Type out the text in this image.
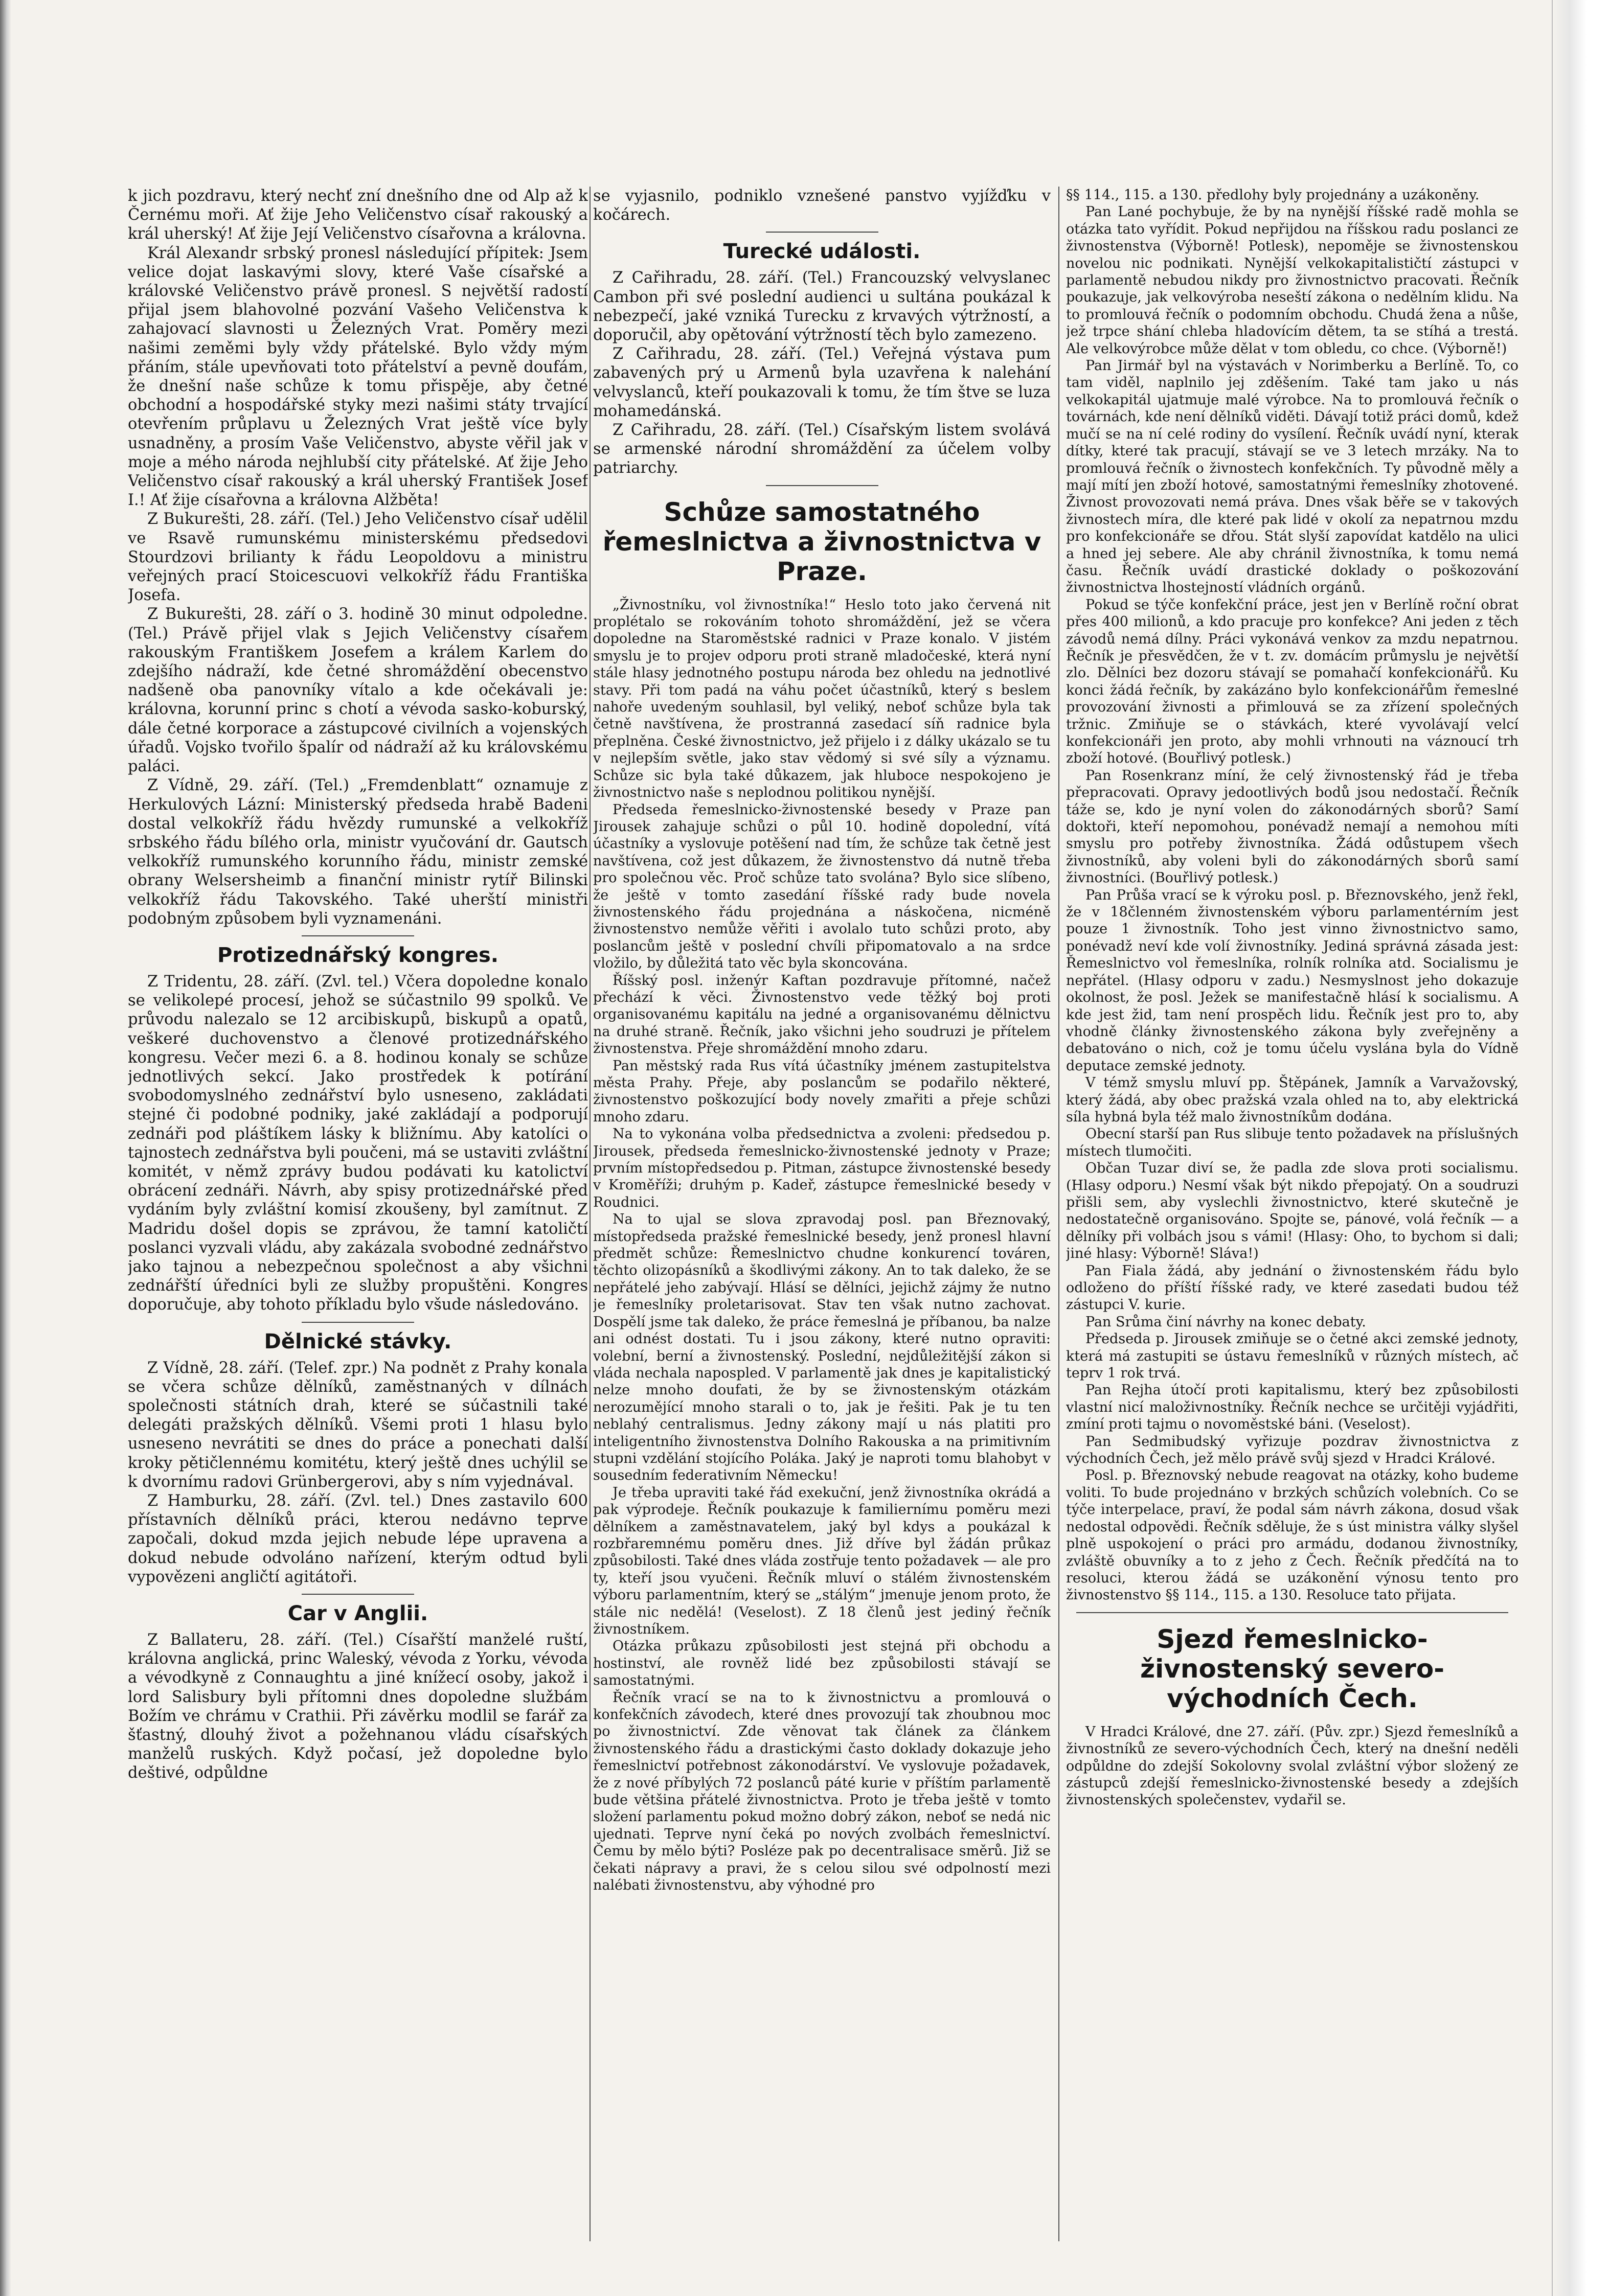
k jich pozdravu, který nechť zní dnešního dne od Alp až k Černému moři. Ať žije Jeho Veličenstvo císař rakouský a král uherský! Ať žije Její Veličenstvo císařovna a královna.

Král Alexandr srbský pronesl následující přípitek: Jsem velice dojat laskavými slovy, které Vaše císařské a královské Veličenstvo právě pronesl. S největší radostí přijal jsem blahovolné pozvání Vašeho Veličenstva k zahajovací slavnosti u Železných Vrat. Poměry mezi našimi zeměmi byly vždy přátelské. Bylo vždy mým přáním, stále upevňovati toto přátelství a pevně doufám, že dnešní naše schůze k tomu přispěje, aby četné obchodní a hospodářské styky mezi našimi státy trvající otevřením průplavu u Železných Vrat ještě více byly usnadněny, a prosím Vaše Veličenstvo, abyste věřil jak v moje a mého národa nejhlubší city přátelské. Ať žije Jeho Veličenstvo císař rakouský a král uherský František Josef I.! Ať žije císařovna a královna Alžběta!

Z Bukurešti, 28. září. (Tel.) Jeho Veličenstvo císař udělil ve Rsavě rumunskému ministerskému předsedovi Stourdzovi brilianty k řádu Leopoldovu a ministru veřejných prací Stoicescuovi velkokříž řádu Františka Josefa.

Z Bukurešti, 28. září o 3. hodině 30 minut odpoledne. (Tel.) Právě přijel vlak s Jejich Veličenstvy císařem rakouským Františkem Josefem a králem Karlem do zdejšího nádraží, kde četné shromáždění obecenstvo nadšeně oba panovníky vítalo a kde očekávali je: královna, korunní princ s chotí a vévoda sasko-koburský, dále četné korporace a zástupcové civilních a vojenských úřadů. Vojsko tvořilo špalír od nádraží až ku královskému paláci.

Z Vídně, 29. září. (Tel.) „Fremdenblatt“ oznamuje z Herkulových Lázní: Ministerský předseda hrabě Badeni dostal velkokříž řádu hvězdy rumunské a velkokříž srbského řádu bílého orla, ministr vyučování dr. Gautsch velkokříž rumunského korunního řádu, ministr zemské obrany Welsersheimb a finanční ministr rytíř Bilinski velkokříž řádu Takovského. Také uherští ministři podobným způsobem byli vyznamenáni.

Protizednářský kongres.

Z Tridentu, 28. září. (Zvl. tel.) Včera dopoledne konalo se velikolepé procesí, jehož se súčastnilo 99 spolků. Ve průvodu nalezalo se 12 arcibiskupů, biskupů a opatů, veškeré duchovenstvo a členové protizednářského kongresu. Večer mezi 6. a 8. hodinou konaly se schůze jednotlivých sekcí. Jako prostředek k potírání svobodomyslného zednářství bylo usneseno, zakládati stejné či podobné podniky, jaké zakládají a podporují zednáři pod pláštíkem lásky k bližnímu. Aby katolíci o tajnostech zednářstva byli poučeni, má se ustaviti zvláštní komitét, v němž zprávy budou podávati ku katolictví obrácení zednáři. Návrh, aby spisy protizednářské před vydáním byly zvláštní komisí zkoušeny, byl zamítnut. Z Madridu došel dopis se zprávou, že tamní katoličtí poslanci vyzvali vládu, aby zakázala svobodné zednářstvo jako tajnou a nebezpečnou společnost a aby všichni zednářští úředníci byli ze služby propuštěni. Kongres doporučuje, aby tohoto příkladu bylo všude následováno.

Dělnické stávky.

Z Vídně, 28. září. (Telef. zpr.) Na podnět z Prahy konala se včera schůze dělníků, zaměstnaných v dílnách společnosti státních drah, které se súčastnili také delegáti pražských dělníků. Všemi proti 1 hlasu bylo usneseno nevrátiti se dnes do práce a ponechati další kroky pětičlennému komitétu, který ještě dnes uchýlil se k dvornímu radovi Grünbergerovi, aby s ním vyjednával.

Z Hamburku, 28. září. (Zvl. tel.) Dnes zastavilo 600 přístavních dělníků práci, kterou nedávno teprve započali, dokud mzda jejich nebude lépe upravena a dokud nebude odvoláno nařízení, kterým odtud byli vypovězeni angličtí agitátoři.

Car v Anglii.

Z Ballateru, 28. září. (Tel.) Císařští manželé ruští, královna anglická, princ Waleský, vévoda z Yorku, vévoda a vévodkyně z Connaughtu a jiné knížecí osoby, jakož i lord Salisbury byli přítomni dnes dopoledne službám Božím ve chrámu v Crathii. Při závěrku modlil se farář za šťastný, dlouhý život a požehnanou vládu císařských manželů ruských. Když počasí, jež dopoledne bylo deštivé, odpůldne

se vyjasnilo, podniklo vznešené panstvo vyjížďku v kočárech.

Turecké události.

Z Cařihradu, 28. září. (Tel.) Francouzský velvyslanec Cambon při své poslední audienci u sultána poukázal k nebezpečí, jaké vzniká Turecku z krvavých výtržností, a doporučil, aby opětování výtržností těch bylo zamezeno.

Z Cařihradu, 28. září. (Tel.) Veřejná výstava pum zabavených prý u Armenů byla uzavřena k nalehání velvyslanců, kteří poukazovali k tomu, že tím štve se luza mohamedánská.

Z Cařihradu, 28. září. (Tel.) Císařským listem svolává se armenské národní shromáždění za účelem volby patriarchy.

Schůze samostatného řemeslnictva a živnostnictva v Praze.

„Živnostníku, vol živnostníka!“ Heslo toto jako červená nit proplétalo se rokováním tohoto shromáždění, jež se včera dopoledne na Staroměstské radnici v Praze konalo. V jistém smyslu je to projev odporu proti straně mladočeské, která nyní stále hlasy jednotného postupu národa bez ohledu na jednotlivé stavy. Při tom padá na váhu počet účastníků, který s beslem nahoře uvedeným souhlasil, byl veliký, neboť schůze byla tak četně navštívena, že prostranná zasedací síň radnice byla přeplněna. České živnostnictvo, jež přijelo i z dálky ukázalo se tu v nejlepším světle, jako stav vědomý si své síly a významu. Schůze sic byla také důkazem, jak hluboce nespokojeno je živnostnictvo naše s neplodnou politikou nynější.

Předseda řemeslnicko-živnostenské besedy v Praze pan Jirousek zahajuje schůzi o půl 10. hodině dopolední, vítá účastníky a vyslovuje potěšení nad tím, že schůze tak četně jest navštívena, což jest důkazem, že živnostenstvo dá nutně třeba pro společnou věc. Proč schůze tato svolána? Bylo sice slíbeno, že ještě v tomto zasedání říšské rady bude novela živnostenského řádu projednána a náskočena, nicméně živnostenstvo nemůže věřiti i avolalo tuto schůzi proto, aby poslancům ještě v poslední chvíli připomatovalo a na srdce vložilo, by důležitá tato věc byla skoncována.

Říšský posl. inženýr Kaftan pozdravuje přítomné, načež přechází k věci. Živnostenstvo vede těžký boj proti organisovanému kapitálu na jedné a organisovanému dělnictvu na druhé straně. Řečník, jako všichni jeho soudruzi je přítelem živnostenstva. Přeje shromáždění mnoho zdaru.

Pan městský rada Rus vítá účastníky jménem zastupitelstva města Prahy. Přeje, aby poslancům se podařilo některé, živnostenstvo poškozující body novely zmařiti a přeje schůzi mnoho zdaru.

Na to vykonána volba předsednictva a zvoleni: předsedou p. Jirousek, předseda řemeslnicko-živnostenské jednoty v Praze; prvním místopředsedou p. Pitman, zástupce živnostenské besedy v Kroměříži; druhým p. Kadeř, zástupce řemeslnické besedy v Roudnici.

Na to ujal se slova zpravodaj posl. pan Březnovaký, místopředseda pražské řemeslnické besedy, jenž pronesl hlavní předmět schůze: Řemeslnictvo chudne konkurencí továren, těchto olizopásníků a škodlivými zákony. An to tak daleko, že se nepřátelé jeho zabývají. Hlásí se dělníci, jejichž zájmy že nutno je řemeslníky proletarisovat. Stav ten však nutno zachovat. Dospělí jsme tak daleko, že práce řemeslná je příbanou, ba nalze ani odnést dostati. Tu i jsou zákony, které nutno opraviti: volební, berní a živnostenský. Poslední, nejdůležitější zákon si vláda nechala napospled. V parlamentě jak dnes je kapitalistický nelze mnoho doufati, že by se živnostenským otázkám nerozumějící mnoho starali o to, jak je řešiti. Pak je tu ten neblahý centralismus. Jedny zákony mají u nás platiti pro inteligentního živnostenstva Dolního Rakouska a na primitivním stupni vzdělání stojícího Poláka. Jaký je naproti tomu blahobyt v sousedním federativním Německu!

Je třeba upraviti také řád exekuční, jenž živnostníka okrádá a pak výprodeje. Řečník poukazuje k familiernímu poměru mezi dělníkem a zaměstnavatelem, jaký byl kdys a poukázal k rozbřaremnému poměru dnes. Již dříve byl žádán průkaz způsobilosti. Také dnes vláda zostřuje tento požadavek — ale pro ty, kteří jsou vyučeni. Řečník mluví o stálém živnostenském výboru parlamentním, který se „stálým“ jmenuje jenom proto, že stále nic nedělá! (Veselost). Z 18 členů jest jediný řečník živnostníkem.

Otázka průkazu způsobilosti jest stejná při obchodu a hostinství, ale rovněž lidé bez způsobilosti stávají se samostatnými.

Řečník vrací se na to k živnostnictvu a promlouvá o konfekčních závodech, které dnes provozují tak zhoubnou moc po živnostnictví. Zde věnovat tak článek za článkem živnostenského řádu a drastickými často doklady dokazuje jeho řemeslnictví potřebnost zákonodárství. Ve vyslovuje požadavek, že z nové příbylých 72 poslanců páté kurie v příštím parlamentě bude většina přátelé živnostnictva. Proto je třeba ještě v tomto složení parlamentu pokud možno dobrý zákon, neboť se nedá nic ujednati. Teprve nyní čeká po nových zvolbách řemeslnictví. Čemu by mělo býti? Posléze pak po decentralisace směrů. Již se čekati nápravy a pravi, že s celou silou své odpolností mezi nalébati živnostenstvu, aby výhodné pro

§§ 114., 115. a 130. předlohy byly projednány a uzákoněny.

Pan Lané pochybuje, že by na nynější říšské radě mohla se otázka tato vyřídit. Pokud nepřijdou na říšskou radu poslanci ze živnostenstva (Výborně! Potlesk), nepoměje se živnostenskou novelou nic podnikati. Nynější velkokapitalističtí zástupci v parlamentě nebudou nikdy pro živnostnictvo pracovati. Řečník poukazuje, jak velkovýroba neseští zákona o nedělním klidu. Na to promlouvá řečník o podomním obchodu. Chudá žena a nůše, jež trpce shání chleba hladovícím dětem, ta se stíhá a trestá. Ale velkovýrobce může dělat v tom obledu, co chce. (Výborně!)

Pan Jirmář byl na výstavách v Norimberku a Berlíně. To, co tam viděl, naplnilo jej zděšením. Také tam jako u nás velkokapitál ujatmuje malé výrobce. Na to promlouvá řečník o továrnách, kde není dělníků viděti. Dávají totiž práci domů, kdež mučí se na ní celé rodiny do vysílení. Řečník uvádí nyní, kterak dítky, které tak pracují, stávají se ve 3 letech mrzáky. Na to promlouvá řečník o živnostech konfekčních. Ty původně měly a mají mítí jen zboží hotové, samostatnými řemeslníky zhotovené. Živnost provozovati nemá práva. Dnes však běře se v takových živnostech míra, dle které pak lidé v okolí za nepatrnou mzdu pro konfekcionáře se dřou. Stát slyší zapovídat katdělo na ulici a hned jej sebere. Ale aby chránil živnostníka, k tomu nemá času. Řečník uvádí drastické doklady o poškozování živnostnictva lhostejností vládních orgánů.

Pokud se týče konfekční práce, jest jen v Berlíně roční obrat přes 400 milionů, a kdo pracuje pro konfekce? Ani jeden z těch závodů nemá dílny. Práci vykonává venkov za mzdu nepatrnou. Řečník je přesvědčen, že v t. zv. domácím průmyslu je největší zlo. Dělníci bez dozoru stávají se pomahačí konfekcionářů. Ku konci žádá řečník, by zakázáno bylo konfekcionářům řemeslné provozování živnosti a přimlouvá se za zřízení společných tržnic. Zmiňuje se o stávkách, které vyvolávají velcí konfekcionáři jen proto, aby mohli vrhnouti na váznoucí trh zboží hotové. (Bouřlivý potlesk.)

Pan Rosenkranz míní, že celý živnostenský řád je třeba přepracovati. Opravy jedootlivých bodů jsou nedostačí. Řečník táže se, kdo je nyní volen do zákonodárných sborů? Samí doktoři, kteří nepomohou, ponévadž nemají a nemohou míti smyslu pro potřeby živnostníka. Žádá odůstupem všech živnostníků, aby voleni byli do zákonodárných sborů samí živnostníci. (Bouřlivý potlesk.)

Pan Průša vrací se k výroku posl. p. Březnovského, jenž řekl, že v 18členném živnostenském výboru parlamentérním jest pouze 1 živnostník. Toho jest vinno živnostnictvo samo, ponévadž neví kde volí živnostníky. Jediná správná zásada jest: Řemeslnictvo vol řemeslníka, rolník rolníka atd. Socialismu je nepřátel. (Hlasy odporu v zadu.) Nesmyslnost jeho dokazuje okolnost, že posl. Ježek se manifestačně hlásí k socialismu. A kde jest žid, tam není prospěch lidu. Řečník jest pro to, aby vhodně články živnostenského zákona byly zveřejněny a debatováno o nich, což je tomu účelu vyslána byla do Vídně deputace zemské jednoty.

V témž smyslu mluví pp. Štěpánek, Jamník a Varvažovský, který žádá, aby obec pražská vzala ohled na to, aby elektrická síla hybná byla též malo živnostníkům dodána.

Obecní starší pan Rus slibuje tento požadavek na příslušných místech tlumočiti.

Občan Tuzar diví se, že padla zde slova proti socialismu. (Hlasy odporu.) Nesmí však být nikdo přepojatý. On a soudruzi přišli sem, aby vyslechli živnostnictvo, které skutečně je nedostatečně organisováno. Spojte se, pánové, volá řečník — a dělníky při volbách jsou s vámi! (Hlasy: Oho, to bychom si dali; jiné hlasy: Výborně! Sláva!)

Pan Fiala žádá, aby jednání o živnostenském řádu bylo odloženo do příští říšské rady, ve které zasedati budou též zástupci V. kurie.

Pan Srůma činí návrhy na konec debaty.

Předseda p. Jirousek zmiňuje se o četné akci zemské jednoty, která má zastupiti se ústavu řemeslníků v různých místech, ač teprv 1 rok trvá.

Pan Rejha útočí proti kapitalismu, který bez způsobilosti vlastní nicí maloživnostníky. Řečník nechce se určitěji vyjádřiti, zmíní proti tajmu o novoměstské báni. (Veselost).

Pan Sedmibudský vyřizuje pozdrav živnostnictva z východních Čech, jež mělo právě svůj sjezd v Hradci Králové.

Posl. p. Březnovský nebude reagovat na otázky, koho budeme voliti. To bude projednáno v brzkých schůzích volebních. Co se týče interpelace, praví, že podal sám návrh zákona, dosud však nedostal odpovědi. Řečník sděluje, že s úst ministra války slyšel plně uspokojení o práci pro armádu, dodanou živnostníky, zvláště obuvníky a to z jeho z Čech. Řečník předčítá na to resoluci, kterou žádá se uzákonění výnosu tento pro živnostenstvo §§ 114., 115. a 130. Resoluce tato přijata.

Sjezd řemeslnicko-živnostenský severo-východních Čech.

V Hradci Králové, dne 27. září. (Pův. zpr.) Sjezd řemeslníků a živnostníků ze severo-východních Čech, který na dnešní neděli odpůldne do zdejší Sokolovny svolal zvláštní výbor složený ze zástupců zdejší řemeslnicko-živnostenské besedy a zdejších živnostenských společenstev, vydařil se.
